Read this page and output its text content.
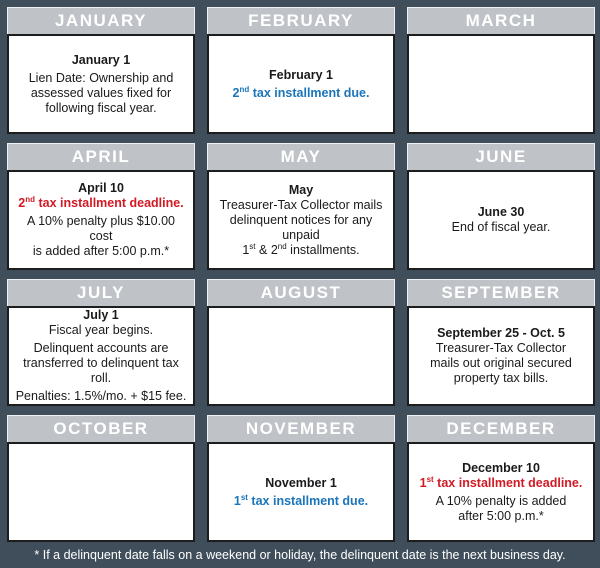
JANUARY
January 1
Lien Date: Ownership and
assessed values fixed for
following fiscal year.
FEBRUARY
February 1
2nd tax installment due.
MARCH
APRIL
April 10
2nd tax installment deadline.
A 10% penalty plus $10.00 cost
is added after 5:00 p.m.*
MAY
May
Treasurer-Tax Collector mails
delinquent notices for any unpaid
1st & 2nd installments.
JUNE
June 30
End of fiscal year.
JULY
July 1
Fiscal year begins.
Delinquent accounts are
transferred to delinquent tax roll.
Penalties: 1.5%/mo. + $15 fee.
AUGUST	SEPTEMBER
September 25 - Oct. 5
Treasurer-Tax Collector
mails out original secured
property tax bills.
OCTOBER	NOVEMBER
November 1
1st tax installment due.
DECEMBER
December 10
1st tax installment deadline.
A 10% penalty is added
after 5:00 p.m.*
* If a delinquent date falls on a weekend or holiday, the delinquent date is the next business day.
